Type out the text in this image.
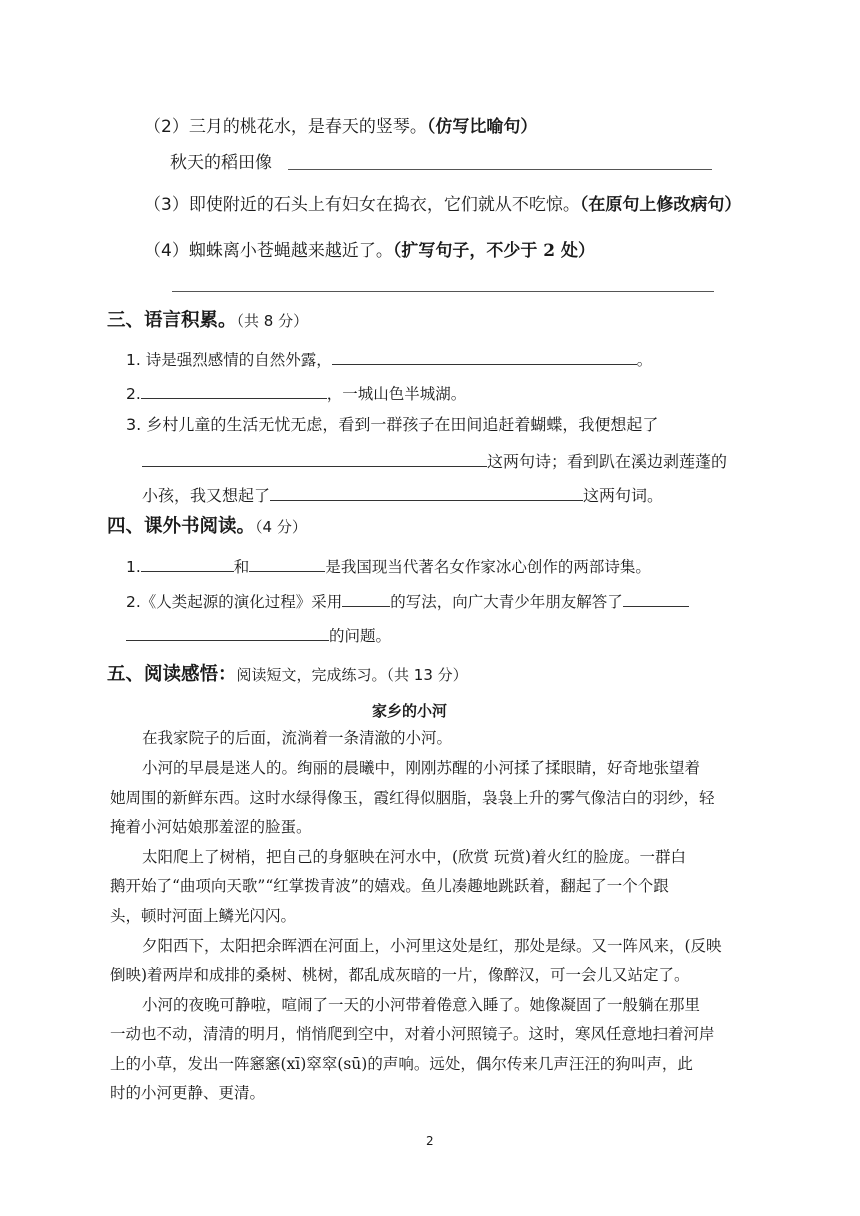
（2）三月的桃花水，是春天的竖琴。（仿写比喻句）
秋天的稻田像
（3）即使附近的石头上有妇女在捣衣，它们就从不吃惊。（在原句上修改病句）
（4）蜘蛛离小苍蝇越来越近了。（扩写句子，不少于 2 处）
三、语言积累。（共 8 分）
1. 诗是强烈感情的自然外露，	。
2.	，一城山色半城湖。
3. 乡村儿童的生活无忧无虑，看到一群孩子在田间追赶着蝴蝶，我便想起了
这两句诗；看到趴在溪边剥莲蓬的
小孩，我又想起了	这两句词。
四、课外书阅读。（4 分）
1.	和	是我国现当代著名女作家冰心创作的两部诗集。
2.《人类起源的演化过程》采用	的写法，向广大青少年朋友解答了
的问题。
五、阅读感悟：阅读短文，完成练习。（共 13 分）
家乡的小河
在我家院子的后面，流淌着一条清澈的小河。
小河的早晨是迷人的。绚丽的晨曦中，刚刚苏醒的小河揉了揉眼睛，好奇地张望着
她周围的新鲜东西。这时水绿得像玉，霞红得似胭脂，袅袅上升的雾气像洁白的羽纱，轻
掩着小河姑娘那羞涩的脸蛋。
太阳爬上了树梢，把自己的身躯映在河水中，(欣赏 玩赏)着火红的脸庞。一群白
鹅开始了“曲项向天歌”“红掌拨青波”的嬉戏。鱼儿凑趣地跳跃着，翻起了一个个跟
头，顿时河面上鳞光闪闪。
夕阳西下，太阳把余晖洒在河面上，小河里这处是红，那处是绿。又一阵风来，(反映
倒映)着两岸和成排的桑树、桃树，都乱成灰暗的一片，像醉汉，可一会儿又站定了。
小河的夜晚可静啦，喧闹了一天的小河带着倦意入睡了。她像凝固了一般躺在那里
一动也不动，清清的明月，悄悄爬到空中，对着小河照镜子。这时，寒风任意地扫着河岸
上的小草，发出一阵窸窸(xī)窣窣(sū)的声响。远处，偶尔传来几声汪汪的狗叫声，此
时的小河更静、更清。
2
